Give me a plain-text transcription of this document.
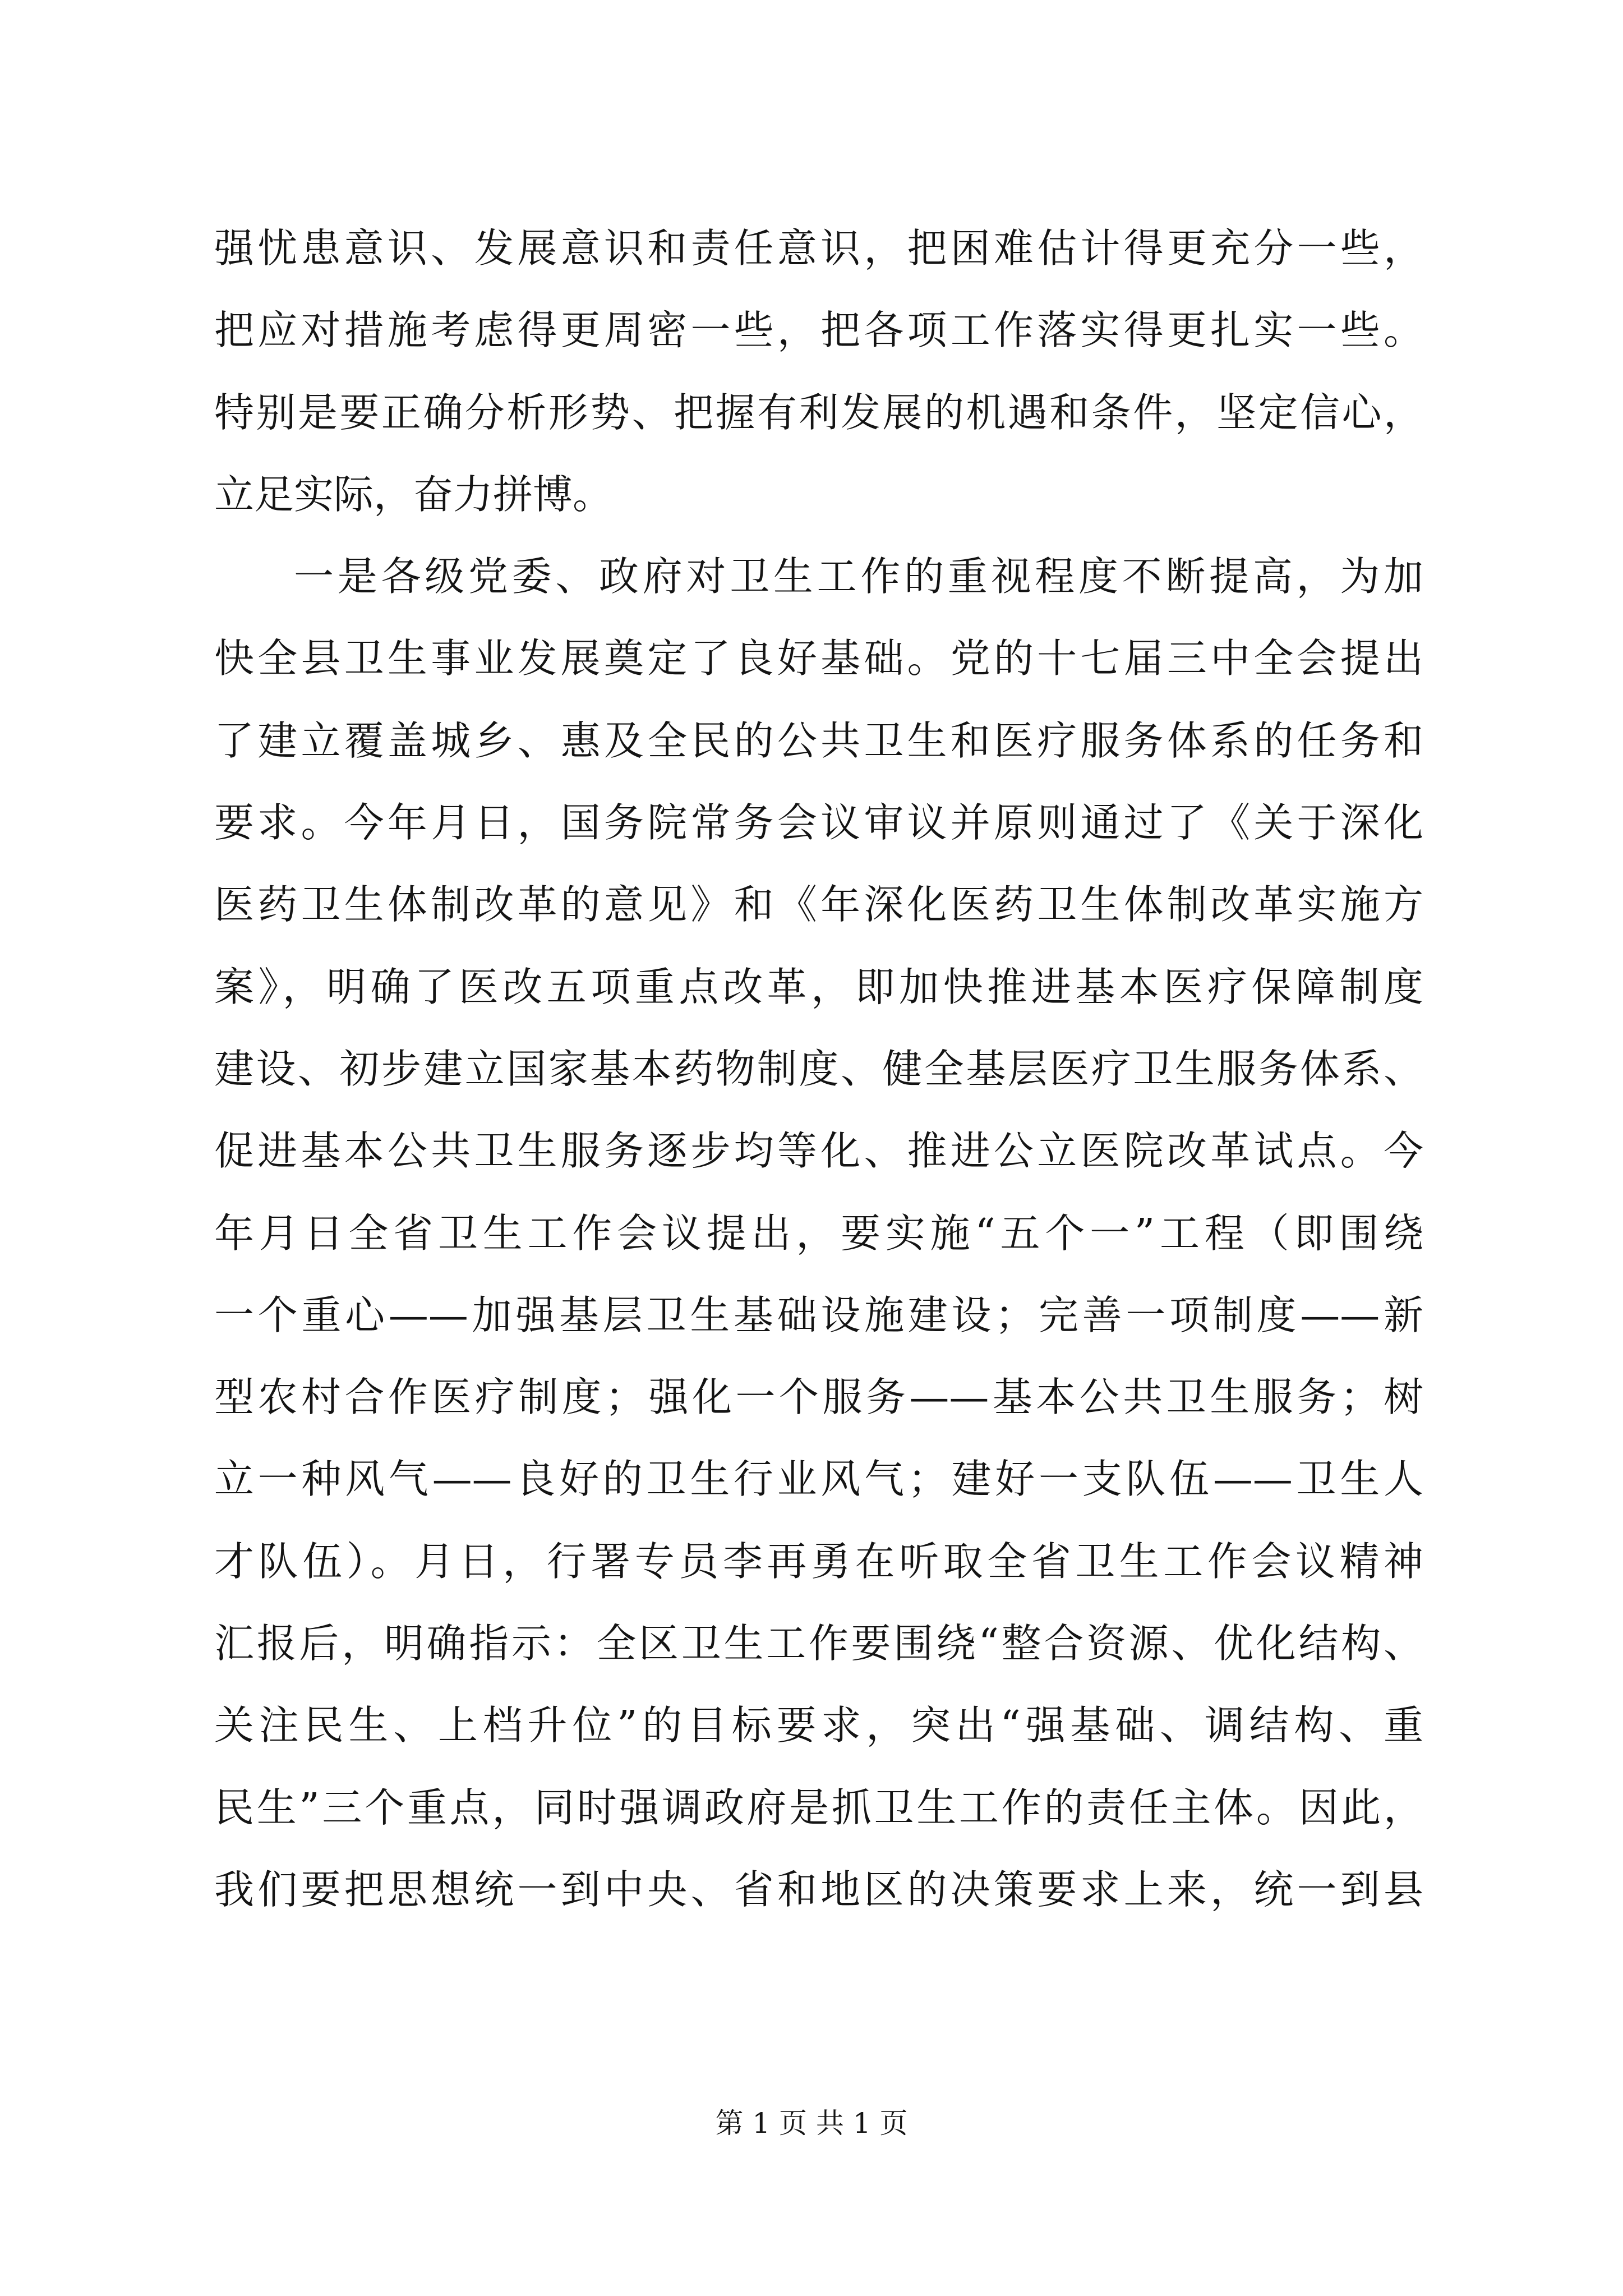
强忧患意识、发展意识和责任意识，把困难估计得更充分一些，
把应对措施考虑得更周密一些，把各项工作落实得更扎实一些。
特别是要正确分析形势、把握有利发展的机遇和条件，坚定信心，
立足实际，奋力拼博。
一是各级党委、政府对卫生工作的重视程度不断提高，为加
快全县卫生事业发展奠定了良好基础。党的十七届三中全会提出
了建立覆盖城乡、惠及全民的公共卫生和医疗服务体系的任务和
要求。今年月日，国务院常务会议审议并原则通过了《关于深化
医药卫生体制改革的意见》和《年深化医药卫生体制改革实施方
案》，明确了医改五项重点改革，即加快推进基本医疗保障制度
建设、初步建立国家基本药物制度、健全基层医疗卫生服务体系、
促进基本公共卫生服务逐步均等化、推进公立医院改革试点。今
年月日全省卫生工作会议提出，要实施“五个一”工程（即围绕
一个重心——加强基层卫生基础设施建设；完善一项制度——新
型农村合作医疗制度；强化一个服务——基本公共卫生服务；树
立一种风气——良好的卫生行业风气；建好一支队伍——卫生人
才队伍）。月日，行署专员李再勇在听取全省卫生工作会议精神
汇报后，明确指示：全区卫生工作要围绕“整合资源、优化结构、
关注民生、上档升位”的目标要求，突出“强基础、调结构、重
民生”三个重点，同时强调政府是抓卫生工作的责任主体。因此，
我们要把思想统一到中央、省和地区的决策要求上来，统一到县
第 1 页 共 1 页
